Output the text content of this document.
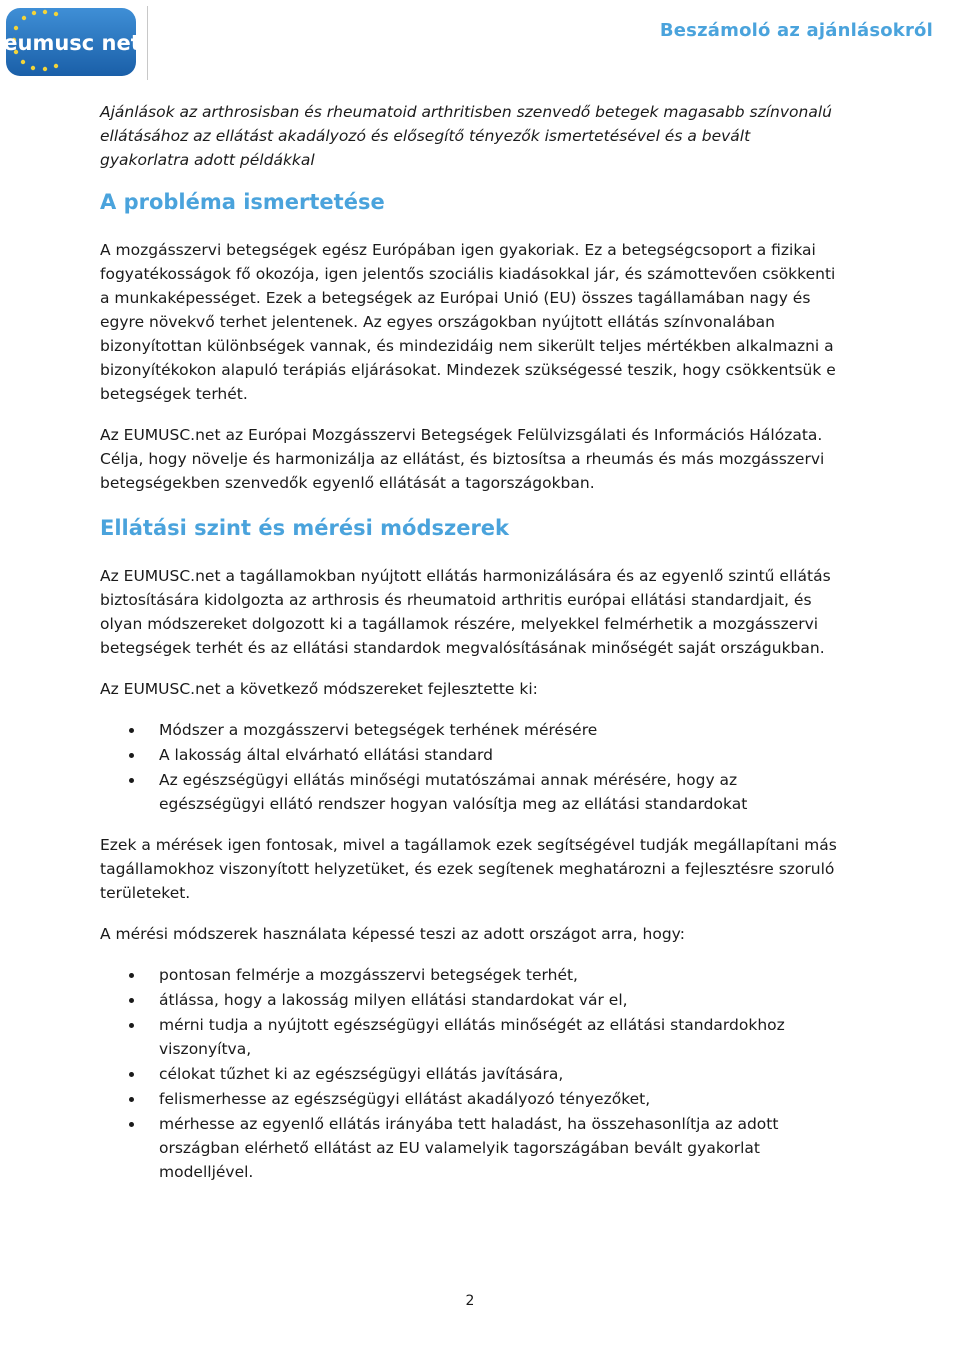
eumusc net
Beszámoló az ajánlásokról

Ajánlások az arthrosisban és rheumatoid arthritisben szenvedő betegek magasabb színvonalú ellátásához az ellátást akadályozó és elősegítő tényezők ismertetésével és a bevált gyakorlatra adott példákkal

A probléma ismertetése

A mozgásszervi betegségek egész Európában igen gyakoriak. Ez a betegségcsoport a fizikai fogyatékosságok fő okozója, igen jelentős szociális kiadásokkal jár, és számottevően csökkenti a munkaképességet. Ezek a betegségek az Európai Unió (EU) összes tagállamában nagy és egyre növekvő terhet jelentenek. Az egyes országokban nyújtott ellátás színvonalában bizonyítottan különbségek vannak, és mindezidáig nem sikerült teljes mértékben alkalmazni a bizonyítékokon alapuló terápiás eljárásokat. Mindezek szükségessé teszik, hogy csökkentsük e betegségek terhét.

Az EUMUSC.net az Európai Mozgásszervi Betegségek Felülvizsgálati és Információs Hálózata. Célja, hogy növelje és harmonizálja az ellátást, és biztosítsa a rheumás és más mozgásszervi betegségekben szenvedők egyenlő ellátását a tagországokban.

Ellátási szint és mérési módszerek

Az EUMUSC.net a tagállamokban nyújtott ellátás harmonizálására és az egyenlő szintű ellátás biztosítására kidolgozta az arthrosis és rheumatoid arthritis európai ellátási standardjait, és olyan módszereket dolgozott ki a tagállamok részére, melyekkel felmérhetik a mozgásszervi betegségek terhét és az ellátási standardok megvalósításának minőségét saját országukban.

Az EUMUSC.net a következő módszereket fejlesztette ki:

Módszer a mozgásszervi betegségek terhének mérésére
A lakosság által elvárható ellátási standard
Az egészségügyi ellátás minőségi mutatószámai annak mérésére, hogy az egészségügyi ellátó rendszer hogyan valósítja meg az ellátási standardokat

Ezek a mérések igen fontosak, mivel a tagállamok ezek segítségével tudják megállapítani más tagállamokhoz viszonyított helyzetüket, és ezek segítenek meghatározni a fejlesztésre szoruló területeket.

A mérési módszerek használata képessé teszi az adott országot arra, hogy:

pontosan felmérje a mozgásszervi betegségek terhét,
átlássa, hogy a lakosság milyen ellátási standardokat vár el,
mérni tudja a nyújtott egészségügyi ellátás minőségét az ellátási standardokhoz viszonyítva,
célokat tűzhet ki az egészségügyi ellátás javítására,
felismerhesse az egészségügyi ellátást akadályozó tényezőket,
mérhesse az egyenlő ellátás irányába tett haladást, ha összehasonlítja az adott országban elérhető ellátást az EU valamelyik tagországában bevált gyakorlat modelljével.
2
